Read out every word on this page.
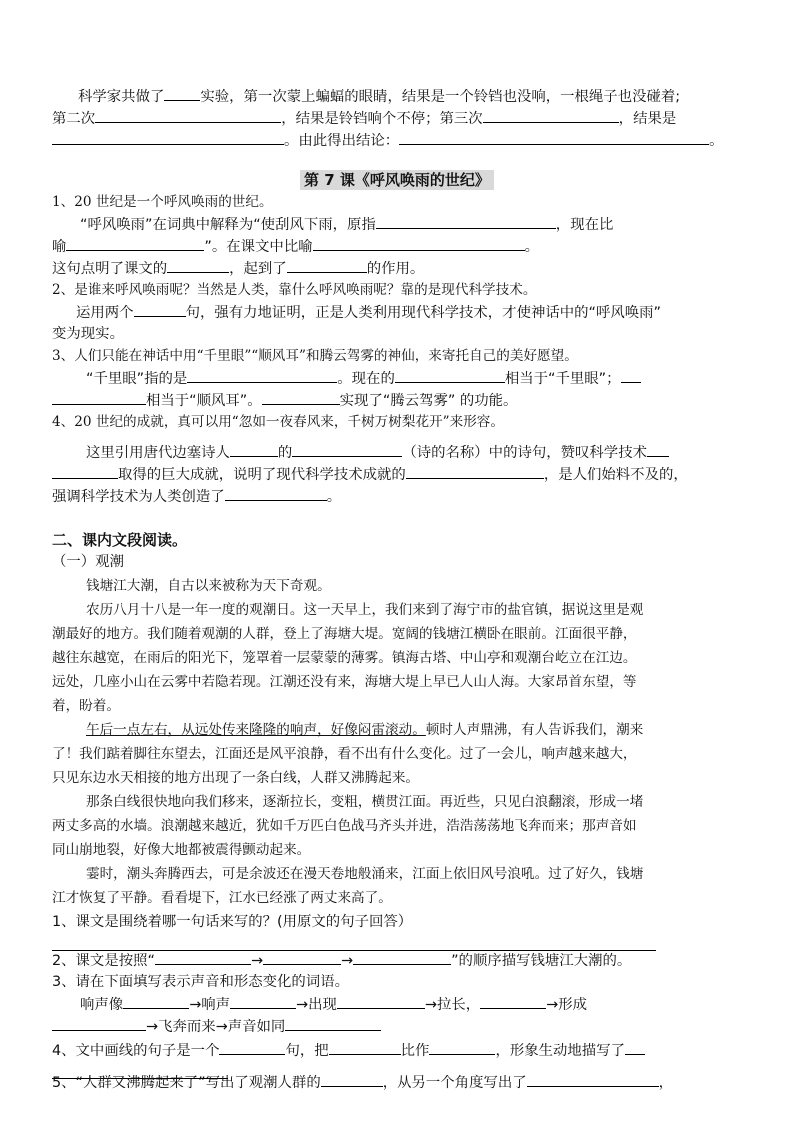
科学家共做了	实验，第一次蒙上蝙蝠的眼睛，结果是一个铃铛也没响，一根绳子也没碰着;
第二次	，结果是铃铛响个不停；第三次	，结果是
。由此得出结论：	。
第 7 课《呼风唤雨的世纪》
1、20 世纪是一个呼风唤雨的世纪。
“呼风唤雨”在词典中解释为“使刮风下雨，原指	，现在比
喻	”。在课文中比喻	。
这句点明了课文的	，起到了	的作用。
2、是谁来呼风唤雨呢？当然是人类，靠什么呼风唤雨呢？靠的是现代科学技术。
运用两个	句，强有力地证明，正是人类利用现代科学技术，才使神话中的“呼风唤雨”
变为现实。
3、人们只能在神话中用“千里眼”“顺风耳”和腾云驾雾的神仙，来寄托自己的美好愿望。
“千里眼”指的是	。现在的	相当于“千里眼”；
相当于“顺风耳”。	实现了“腾云驾雾” 的功能。
4、20 世纪的成就，真可以用“忽如一夜春风来，千树万树梨花开”来形容。
这里引用唐代边塞诗人	的	（诗的名称）中的诗句，赞叹科学技术
取得的巨大成就，说明了现代科学技术成就的	，是人们始料不及的，
强调科学技术为人类创造了	。
二、课内文段阅读。
（一）观潮
钱塘江大潮，自古以来被称为天下奇观。
农历八月十八是一年一度的观潮日。这一天早上，我们来到了海宁市的盐官镇，据说这里是观
潮最好的地方。我们随着观潮的人群，登上了海塘大堤。宽阔的钱塘江横卧在眼前。江面很平静，
越往东越宽，在雨后的阳光下，笼罩着一层蒙蒙的薄雾。镇海古塔、中山亭和观潮台屹立在江边。
远处，几座小山在云雾中若隐若现。江潮还没有来，海塘大堤上早已人山人海。大家昂首东望，等
着，盼着。
午后一点左右，从远处传来隆隆的响声，好像闷雷滚动。顿时人声鼎沸，有人告诉我们，潮来
了！我们踮着脚往东望去，江面还是风平浪静，看不出有什么变化。过了一会儿，响声越来越大，
只见东边水天相接的地方出现了一条白线，人群又沸腾起来。
那条白线很快地向我们移来，逐渐拉长，变粗，横贯江面。再近些，只见白浪翻滚，形成一堵
两丈多高的水墙。浪潮越来越近，犹如千万匹白色战马齐头并进，浩浩荡荡地飞奔而来；那声音如
同山崩地裂，好像大地都被震得颤动起来。
霎时，潮头奔腾西去，可是余波还在漫天卷地般涌来，江面上依旧风号浪吼。过了好久，钱塘
江才恢复了平静。看看堤下，江水已经涨了两丈来高了。
1、课文是围绕着哪一句话来写的？(用原文的句子回答）
2、课文是按照“	→	→	”的顺序描写钱塘江大潮的。
3、请在下面填写表示声音和形态变化的词语。
响声像	→响声	→出现	→拉长，	→形成
→飞奔而来→声音如同
4、文中画线的句子是一个	句，把	比作	，形象生动地描写了
5、“人群又沸腾起来了”写出了观潮人群的	，从另一个角度写出了	，
